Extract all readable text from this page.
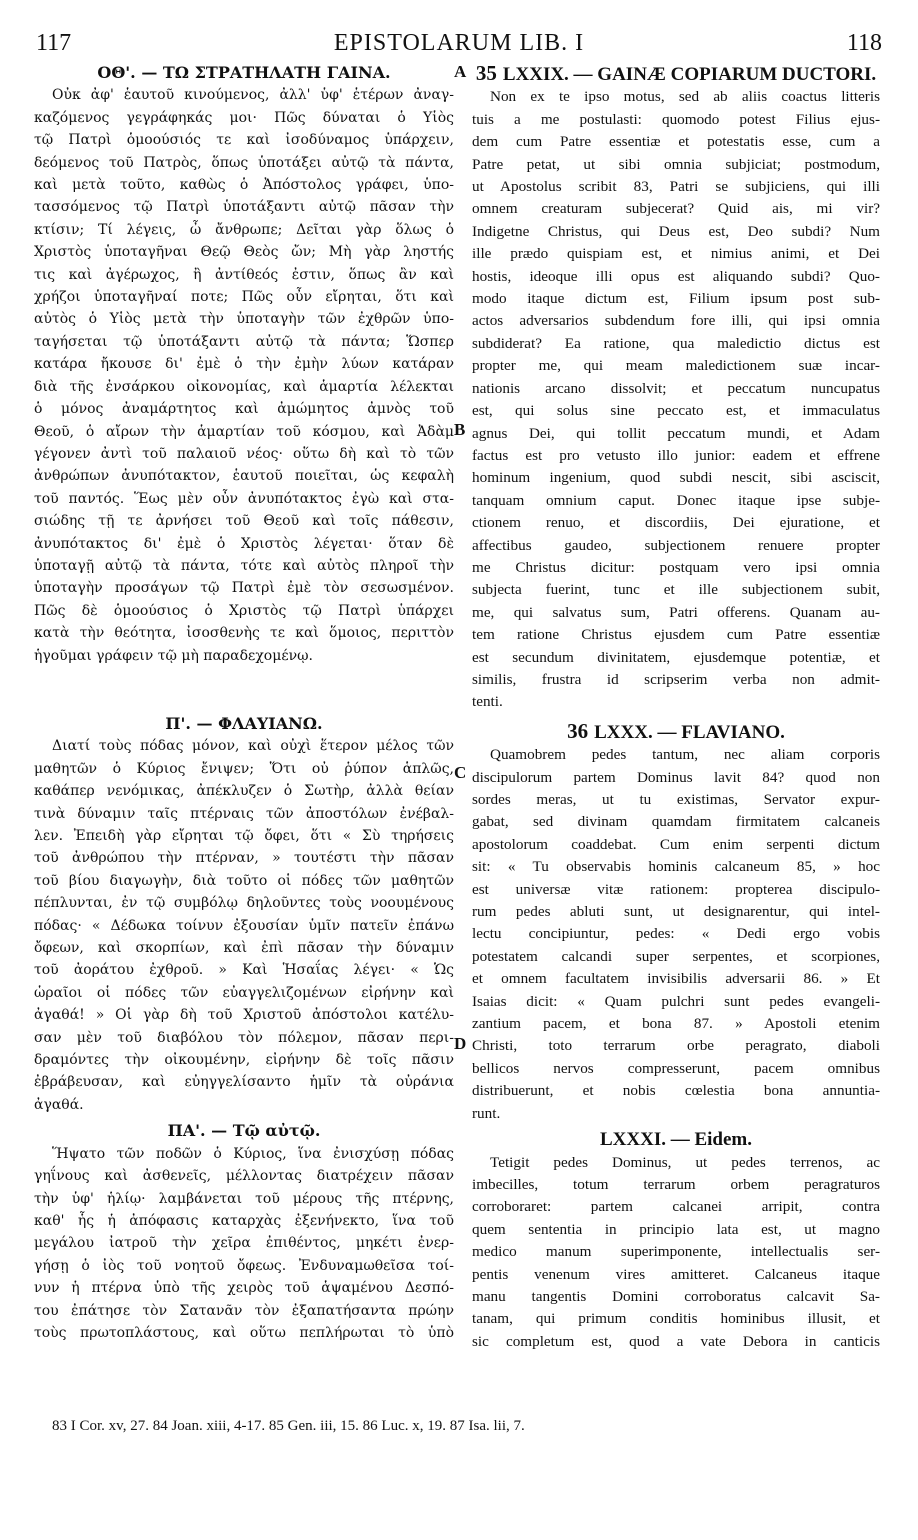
117	EPISTOLARUM LIB. I	118
A
B
C
D
ΟΘ'. — ΤΩ ΣΤΡΑΤΗΛΑΤΗ ΓΑΙΝΑ.
Οὐκ ἀφ' ἑαυτοῦ κινούμενος, ἀλλ' ὑφ' ἑτέρων ἀναγ-
καζόμενος γεγράφηκάς μοι· Πῶς δύναται ὁ Υἱὸς
τῷ Πατρὶ ὁμοούσιός τε καὶ ἰσοδύναμος ὑπάρχειν,
δεόμενος τοῦ Πατρὸς, ὅπως ὑποτάξει αὐτῷ τὰ πάντα,
καὶ μετὰ τοῦτο, καθὼς ὁ Ἀπόστολος γράφει, ὑπο-
τασσόμενος τῷ Πατρὶ ὑποτάξαντι αὐτῷ πᾶσαν τὴν
κτίσιν; Τί λέγεις, ὦ ἄνθρωπε; Δεῖται γὰρ ὅλως ὁ
Χριστὸς ὑποταγῆναι Θεῷ Θεὸς ὤν; Μὴ γὰρ ληστής
τις καὶ ἀγέρωχος, ἢ ἀντίθεός ἐστιν, ὅπως ἂν καὶ
χρήζοι ὑποταγῆναί ποτε; Πῶς οὖν εἴρηται, ὅτι καὶ
αὐτὸς ὁ Υἱὸς μετὰ τὴν ὑποταγὴν τῶν ἐχθρῶν ὑπο-
ταγήσεται τῷ ὑποτάξαντι αὐτῷ τὰ πάντα; Ὥσπερ
κατάρα ἤκουσε δι' ἐμὲ ὁ τὴν ἐμὴν λύων κατάραν
διὰ τῆς ἐνσάρκου οἰκονομίας, καὶ ἁμαρτία λέλεκται
ὁ μόνος ἀναμάρτητος καὶ ἀμώμητος ἀμνὸς τοῦ
Θεοῦ, ὁ αἴρων τὴν ἁμαρτίαν τοῦ κόσμου, καὶ Ἀδὰμ
γέγονεν ἀντὶ τοῦ παλαιοῦ νέος· οὕτω δὴ καὶ τὸ τῶν
ἀνθρώπων ἀνυπότακτον, ἑαυτοῦ ποιεῖται, ὡς κεφαλὴ
τοῦ παντός. Ἕως μὲν οὖν ἀνυπότακτος ἐγὼ καὶ στα-
σιώδης τῇ τε ἀρνήσει τοῦ Θεοῦ καὶ τοῖς πάθεσιν,
ἀνυπότακτος δι' ἐμὲ ὁ Χριστὸς λέγεται· ὅταν δὲ
ὑποταγῇ αὐτῷ τὰ πάντα, τότε καὶ αὐτὸς πληροῖ τὴν
ὑποταγὴν προσάγων τῷ Πατρὶ ἐμὲ τὸν σεσωσμένον.
Πῶς δὲ ὁμοούσιος ὁ Χριστὸς τῷ Πατρὶ ὑπάρχει
κατὰ τὴν θεότητα, ἰσοσθενὴς τε καὶ ὅμοιος, περιττὸν
ἡγοῦμαι γράφειν τῷ μὴ παραδεχομένῳ.
Π'. — ΦΛΑΥΙΑΝΩ.
Διατί τοὺς πόδας μόνον, καὶ οὐχὶ ἕτερον μέλος τῶν
μαθητῶν ὁ Κύριος ἔνιψεν; Ὅτι οὐ ῥύπον ἁπλῶς,
καθάπερ νενόμικας, ἀπέκλυζεν ὁ Σωτὴρ, ἀλλὰ θείαν
τινὰ δύναμιν ταῖς πτέρναις τῶν ἀποστόλων ἐνέβαλ-
λεν. Ἐπειδὴ γὰρ εἴρηται τῷ ὄφει, ὅτι « Σὺ τηρήσεις
τοῦ ἀνθρώπου τὴν πτέρναν, » τουτέστι τὴν πᾶσαν
τοῦ βίου διαγωγὴν, διὰ τοῦτο οἱ πόδες τῶν μαθητῶν
πέπλυνται, ἐν τῷ συμβόλῳ δηλοῦντες τοὺς νοουμένους
πόδας· « Δέδωκα τοίνυν ἐξουσίαν ὑμῖν πατεῖν ἐπάνω
ὄφεων, καὶ σκορπίων, καὶ ἐπὶ πᾶσαν τὴν δύναμιν
τοῦ ἀοράτου ἐχθροῦ. » Καὶ Ἡσαΐας λέγει· « Ὡς
ὡραῖοι οἱ πόδες τῶν εὐαγγελιζομένων εἰρήνην καὶ
ἀγαθά! » Οἱ γὰρ δὴ τοῦ Χριστοῦ ἀπόστολοι κατέλυ-
σαν μὲν τοῦ διαβόλου τὸν πόλεμον, πᾶσαν περι-
δραμόντες τὴν οἰκουμένην, εἰρήνην δὲ τοῖς πᾶσιν
ἐβράβευσαν, καὶ εὐηγγελίσαντο ἡμῖν τὰ οὐράνια
ἀγαθά.
ΠΑ'. — Τῷ αὐτῷ.
Ἥψατο τῶν ποδῶν ὁ Κύριος, ἵνα ἐνισχύσῃ πόδας
γηΐνους καὶ ἀσθενεῖς, μέλλοντας διατρέχειν πᾶσαν
τὴν ὑφ' ἡλίῳ· λαμβάνεται τοῦ μέρους τῆς πτέρνης,
καθ' ἧς ἡ ἀπόφασις καταρχὰς ἐξενήνεκτο, ἵνα τοῦ
μεγάλου ἰατροῦ τὴν χεῖρα ἐπιθέντος, μηκέτι ἐνερ-
γήσῃ ὁ ἰὸς τοῦ νοητοῦ ὄφεως. Ἐνδυναμωθεῖσα τοί-
νυν ἡ πτέρνα ὑπὸ τῆς χειρὸς τοῦ ἁψαμένου Δεσπό-
του ἐπάτησε τὸν Σατανᾶν τὸν ἐξαπατήσαντα πρώην
τοὺς πρωτοπλάστους, καὶ οὕτω πεπλήρωται τὸ ὑπὸ
35 LXXIX. — GAINÆ COPIARUM DUCTORI.
Non ex te ipso motus, sed ab aliis coactus litteris
tuis a me postulasti: quomodo potest Filius ejus-
dem cum Patre essentiæ et potestatis esse, cum a
Patre petat, ut sibi omnia subjiciat; postmodum,
ut Apostolus scribit 83, Patri se subjiciens, qui illi
omnem creaturam subjecerat? Quid ais, mi vir?
Indigetne Christus, qui Deus est, Deo subdi? Num
ille prædo quispiam est, et nimius animi, et Dei
hostis, ideoque illi opus est aliquando subdi? Quo-
modo itaque dictum est, Filium ipsum post sub-
actos adversarios subdendum fore illi, qui ipsi omnia
subdiderat? Ea ratione, qua maledictio dictus est
propter me, qui meam maledictionem suæ incar-
nationis arcano dissolvit; et peccatum nuncupatus
est, qui solus sine peccato est, et immaculatus
agnus Dei, qui tollit peccatum mundi, et Adam
factus est pro vetusto illo junior: eadem et effrene
hominum ingenium, quod subdi nescit, sibi asciscit,
tanquam omnium caput. Donec itaque ipse subje-
ctionem renuo, et discordiis, Dei ejuratione, et
affectibus gaudeo, subjectionem renuere propter
me Christus dicitur: postquam vero ipsi omnia
subjecta fuerint, tunc et ille subjectionem subit,
me, qui salvatus sum, Patri offerens. Quanam au-
tem ratione Christus ejusdem cum Patre essentiæ
est secundum divinitatem, ejusdemque potentiæ, et
similis, frustra id scripserim verba non admit-
tenti.
36 LXXX. — FLAVIANO.
Quamobrem pedes tantum, nec aliam corporis
discipulorum partem Dominus lavit 84? quod non
sordes meras, ut tu existimas, Servator expur-
gabat, sed divinam quamdam firmitatem calcaneis
apostolorum coaddebat. Cum enim serpenti dictum
sit: « Tu observabis hominis calcaneum 85, » hoc
est universæ vitæ rationem: propterea discipulo-
rum pedes abluti sunt, ut designarentur, qui intel-
lectu concipiuntur, pedes: « Dedi ergo vobis
potestatem calcandi super serpentes, et scorpiones,
et omnem facultatem invisibilis adversarii 86. » Et
Isaias dicit: « Quam pulchri sunt pedes evangeli-
zantium pacem, et bona 87. » Apostoli etenim
Christi, toto terrarum orbe peragrato, diaboli
bellicos nervos compresserunt, pacem omnibus
distribuerunt, et nobis cœlestia bona annuntia-
runt.
LXXXI. — Eidem.
Tetigit pedes Dominus, ut pedes terrenos, ac
imbecilles, totum terrarum orbem peragraturos
corroboraret: partem calcanei arripit, contra
quem sententia in principio lata est, ut magno
medico manum superimponente, intellectualis ser-
pentis venenum vires amitteret. Calcaneus itaque
manu tangentis Domini corroboratus calcavit Sa-
tanam, qui primum conditis hominibus illusit, et
sic completum est, quod a vate Debora in canticis
83 I Cor. xv, 27. 84 Joan. xiii, 4-17. 85 Gen. iii, 15. 86 Luc. x, 19. 87 Isa. lii, 7.
